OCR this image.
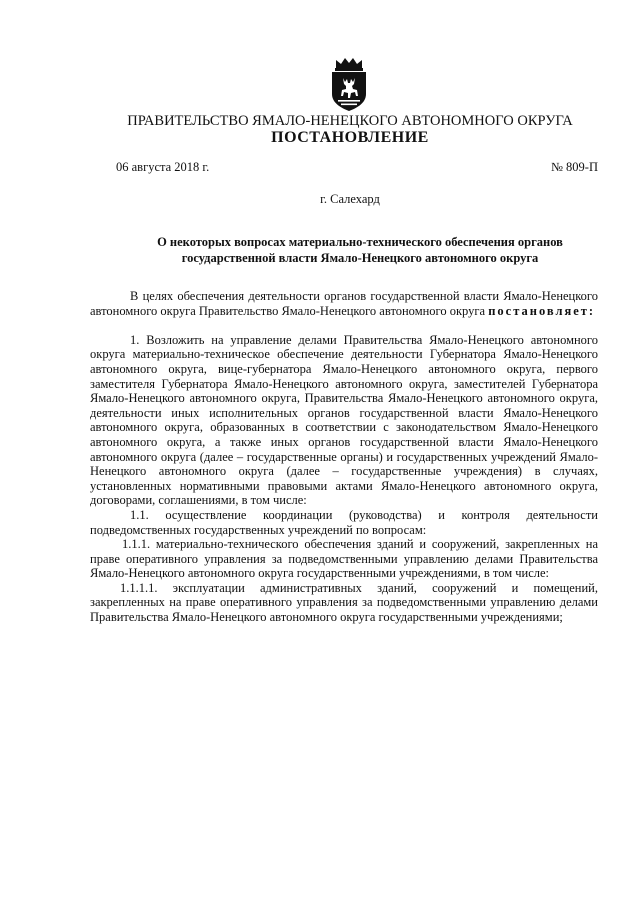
ПРАВИТЕЛЬСТВО ЯМАЛО-НЕНЕЦКОГО АВТОНОМНОГО ОКРУГА
ПОСТАНОВЛЕНИЕ
06 августа 2018 г.	№ 809-П
г. Салехард
О некоторых вопросах материально-технического обеспечения органов государственной власти Ямало-Ненецкого автономного округа

В целях обеспечения деятельности органов государственной власти Ямало-Ненецкого автономного округа Правительство Ямало-Ненецкого автономного округа постановляет:

1. Возложить на управление делами Правительства Ямало-Ненецкого автономного округа материально-техническое обеспечение деятельности Губернатора Ямало-Ненецкого автономного округа, вице-губернатора Ямало-Ненецкого автономного округа, первого заместителя Губернатора Ямало-Ненецкого автономного округа, заместителей Губернатора Ямало-Ненецкого автономного округа, Правительства Ямало-Ненецкого автономного округа, деятельности иных исполнительных органов государственной власти Ямало-Ненецкого автономного округа, образованных в соответствии с законодательством Ямало-Ненецкого автономного округа, а также иных органов государственной власти Ямало-Ненецкого автономного округа (далее – государственные органы) и государственных учреждений Ямало-Ненецкого автономного округа (далее – государственные учреждения) в случаях, установленных нормативными правовыми актами Ямало-Ненецкого автономного округа, договорами, соглашениями, в том числе:

1.1. осуществление координации (руководства) и контроля деятельности подведомственных государственных учреждений по вопросам:

1.1.1. материально-технического обеспечения зданий и сооружений, закрепленных на праве оперативного управления за подведомственными управлению делами Правительства Ямало-Ненецкого автономного округа государственными учреждениями, в том числе:

1.1.1.1. эксплуатации административных зданий, сооружений и помещений, закрепленных на праве оперативного управления за подведомственными управлению делами Правительства Ямало-Ненецкого автономного округа государственными учреждениями;
